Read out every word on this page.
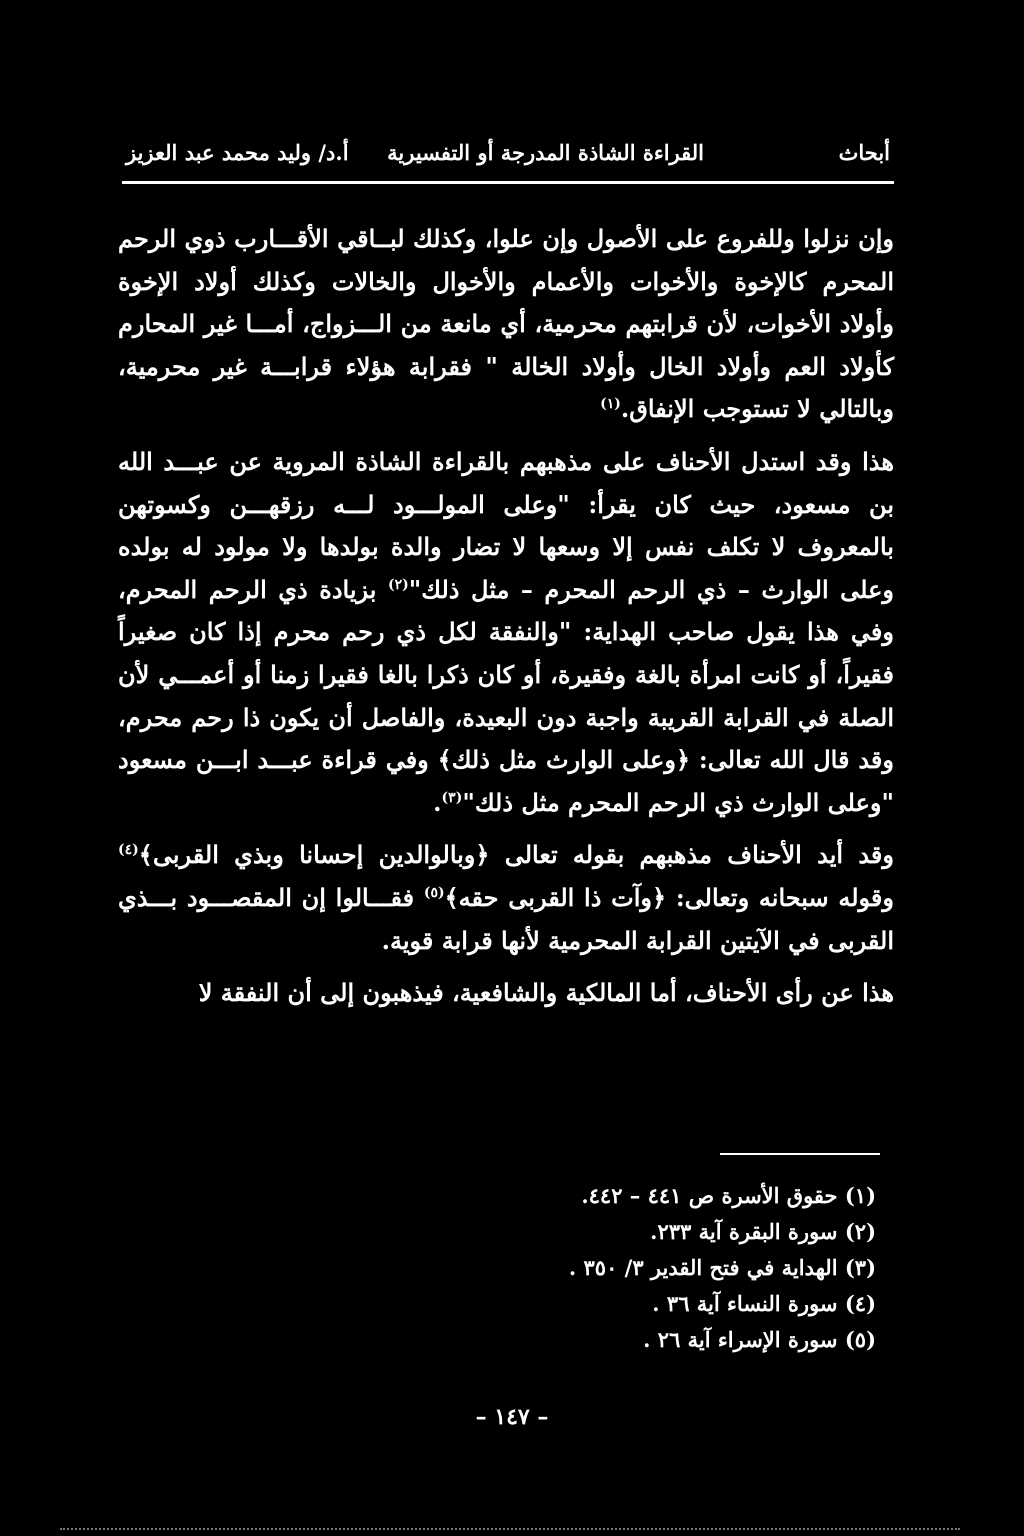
أبحاث
القراءة الشاذة المدرجة أو التفسيرية
أ.د/ وليد محمد عبد العزيز

وإن نزلوا وللفروع على الأصول وإن علوا، وكذلك لبــاقي الأقـــارب ذوي الرحم المحرم كالإخوة والأخوات والأعمام والأخوال والخالات وكذلك أولاد الإخوة وأولاد الأخوات، لأن قرابتهم محرمية، أي مانعة من الـــزواج، أمـــا غير المحارم كأولاد العم وأولاد الخال وأولاد الخالة " فقرابة هؤلاء قرابـــة غير محرمية، وبالتالي لا تستوجب الإنفاق.$^{(١)}$

هذا وقد استدل الأحناف على مذهبهم بالقراءة الشاذة المروية عن عبـــد الله بن مسعود، حيث كان يقرأ: "وعلى المولـــود لـــه رزقهـــن وكسوتهن بالمعروف لا تكلف نفس إلا وسعها لا تضار والدة بولدها ولا مولود له بولده وعلى الوارث – ذي الرحم المحرم – مثل ذلك"$^{(٢)}$ بزيادة ذي الرحم المحرم، وفي هذا يقول صاحب الهداية: "والنفقة لكل ذي رحم محرم إذا كان صغيراً فقيراً، أو كانت امرأة بالغة وفقيرة، أو كان ذكرا بالغا فقيرا زمنا أو أعمـــي لأن الصلة في القرابة القريبة واجبة دون البعيدة، والفاصل أن يكون ذا رحم محرم، وقد قال الله تعالى: ﴿وعلى الوارث مثل ذلك﴾ وفي قراءة عبـــد ابـــن مسعود "وعلى الوارث ذي الرحم المحرم مثل ذلك"$^{(٣)}$.

وقد أيد الأحناف مذهبهم بقوله تعالى ﴿وبالوالدين إحسانا وبذي القربى﴾$^{(٤)}$ وقوله سبحانه وتعالى: ﴿وآت ذا القربى حقه﴾$^{(٥)}$ فقـــالوا إن المقصـــود بـــذي القربى في الآيتين القرابة المحرمية لأنها قرابة قوية.

هذا عن رأى الأحناف، أما المالكية والشافعية، فيذهبون إلى أن النفقة لا

(١) حقوق الأسرة ص ٤٤١ – ٤٤٢.
(٢) سورة البقرة آية ٢٣٣.
(٣) الهداية في فتح القدير ٣/ ٣٥٠ .
(٤) سورة النساء آية ٣٦ .
(٥) سورة الإسراء آية ٢٦ .
– ١٤٧ –
